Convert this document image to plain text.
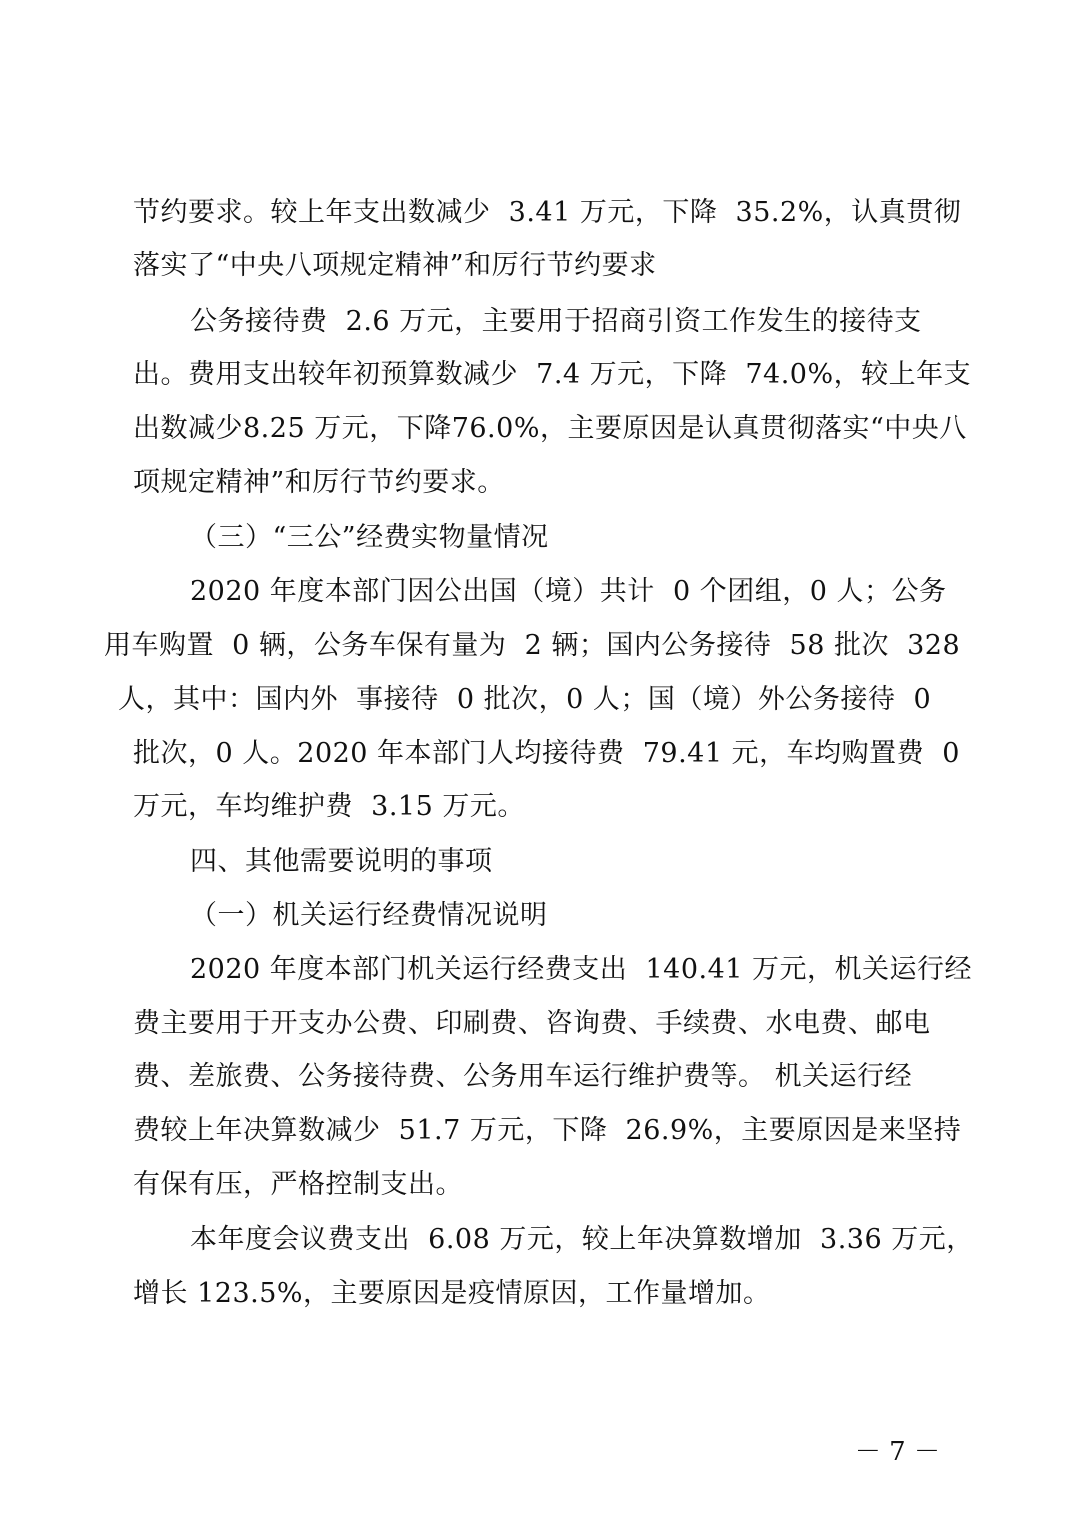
节约要求。较上年支出数减少  3.41 万元，下降  35.2%，认真贯彻
落实了“中央八项规定精神”和厉行节约要求
公务接待费  2.6 万元，主要用于招商引资工作发生的接待支
出。费用支出较年初预算数减少  7.4 万元，下降  74.0%，较上年支
出数减少8.25 万元，下降76.0%，主要原因是认真贯彻落实“中央八
项规定精神”和厉行节约要求。
（三）“三公”经费实物量情况
2020 年度本部门因公出国（境）共计  0 个团组，0 人；公务
用车购置  0 辆，公务车保有量为  2 辆；国内公务接待  58 批次  328
人，其中：国内外  事接待  0 批次，0 人；国（境）外公务接待  0
批次，0 人。2020 年本部门人均接待费  79.41 元，车均购置费  0
万元，车均维护费  3.15 万元。
四、其他需要说明的事项
（一）机关运行经费情况说明
2020 年度本部门机关运行经费支出  140.41 万元，机关运行经
费主要用于开支办公费、印刷费、咨询费、手续费、水电费、邮电
费、差旅费、公务接待费、公务用车运行维护费等。 机关运行经
费较上年决算数减少  51.7 万元，下降  26.9%，主要原因是来坚持
有保有压，严格控制支出。
本年度会议费支出  6.08 万元，较上年决算数增加  3.36 万元，
增长 123.5%，主要原因是疫情原因，工作量增加。
－ 7 －
